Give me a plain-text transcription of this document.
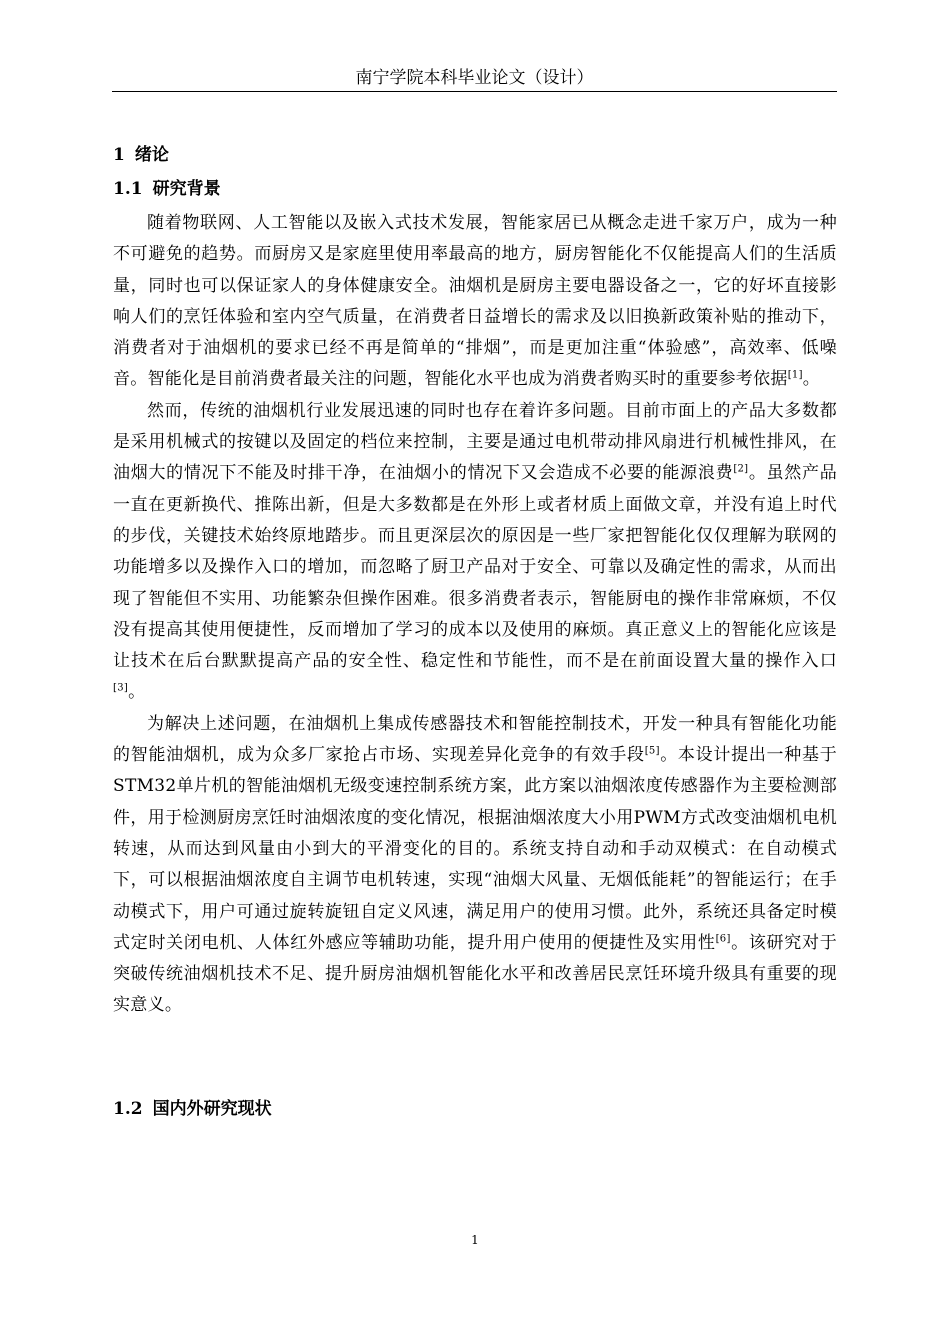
南宁学院本科毕业论文（设计）
1 绪论
1.1 研究背景

随着物联网、人工智能以及嵌入式技术发展，智能家居已从概念走进千家万户，成为一种不可避免的趋势。而厨房又是家庭里使用率最高的地方，厨房智能化不仅能提高人们的生活质量，同时也可以保证家人的身体健康安全。油烟机是厨房主要电器设备之一，它的好坏直接影响人们的烹饪体验和室内空气质量，在消费者日益增长的需求及以旧换新政策补贴的推动下，消费者对于油烟机的要求已经不再是简单的“排烟”，而是更加注重“体验感”，高效率、低噪音。智能化是目前消费者最关注的问题，智能化水平也成为消费者购买时的重要参考依据[1]。

然而，传统的油烟机行业发展迅速的同时也存在着许多问题。目前市面上的产品大多数都是采用机械式的按键以及固定的档位来控制，主要是通过电机带动排风扇进行机械性排风，在油烟大的情况下不能及时排干净，在油烟小的情况下又会造成不必要的能源浪费[2]。虽然产品一直在更新换代、推陈出新，但是大多数都是在外形上或者材质上面做文章，并没有追上时代的步伐，关键技术始终原地踏步。而且更深层次的原因是一些厂家把智能化仅仅理解为联网的功能增多以及操作入口的增加，而忽略了厨卫产品对于安全、可靠以及确定性的需求，从而出现了智能但不实用、功能繁杂但操作困难。很多消费者表示，智能厨电的操作非常麻烦，不仅没有提高其使用便捷性，反而增加了学习的成本以及使用的麻烦。真正意义上的智能化应该是让技术在后台默默提高产品的安全性、稳定性和节能性，而不是在前面设置大量的操作入口[3]。

为解决上述问题，在油烟机上集成传感器技术和智能控制技术，开发一种具有智能化功能的智能油烟机，成为众多厂家抢占市场、实现差异化竞争的有效手段[5]。本设计提出一种基于STM32单片机的智能油烟机无级变速控制系统方案，此方案以油烟浓度传感器作为主要检测部件，用于检测厨房烹饪时油烟浓度的变化情况，根据油烟浓度大小用PWM方式改变油烟机电机转速，从而达到风量由小到大的平滑变化的目的。系统支持自动和手动双模式：在自动模式下，可以根据油烟浓度自主调节电机转速，实现“油烟大风量、无烟低能耗”的智能运行；在手动模式下，用户可通过旋转旋钮自定义风速，满足用户的使用习惯。此外，系统还具备定时模式定时关闭电机、人体红外感应等辅助功能，提升用户使用的便捷性及实用性[6]。该研究对于突破传统油烟机技术不足、提升厨房油烟机智能化水平和改善居民烹饪环境升级具有重要的现实意义。

1.2 国内外研究现状
1
